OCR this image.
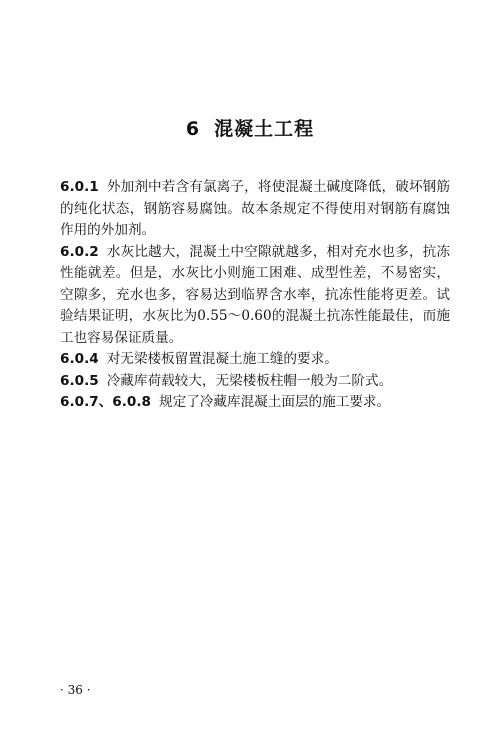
6 混凝土工程

6.0.1 外加剂中若含有氯离子，将使混凝土碱度降低，破坏钢筋的纯化状态，钢筋容易腐蚀。故本条规定不得使用对钢筋有腐蚀作用的外加剂。

6.0.2 水灰比越大，混凝土中空隙就越多，相对充水也多，抗冻性能就差。但是，水灰比小则施工困难、成型性差，不易密实，空隙多，充水也多，容易达到临界含水率，抗冻性能将更差。试验结果证明，水灰比为0.55～0.60的混凝土抗冻性能最佳，而施工也容易保证质量。

6.0.4 对无梁楼板留置混凝土施工缝的要求。

6.0.5 冷藏库荷载较大，无梁楼板柱帽一般为二阶式。

6.0.7、6.0.8 规定了冷藏库混凝土面层的施工要求。

· 36 ·
